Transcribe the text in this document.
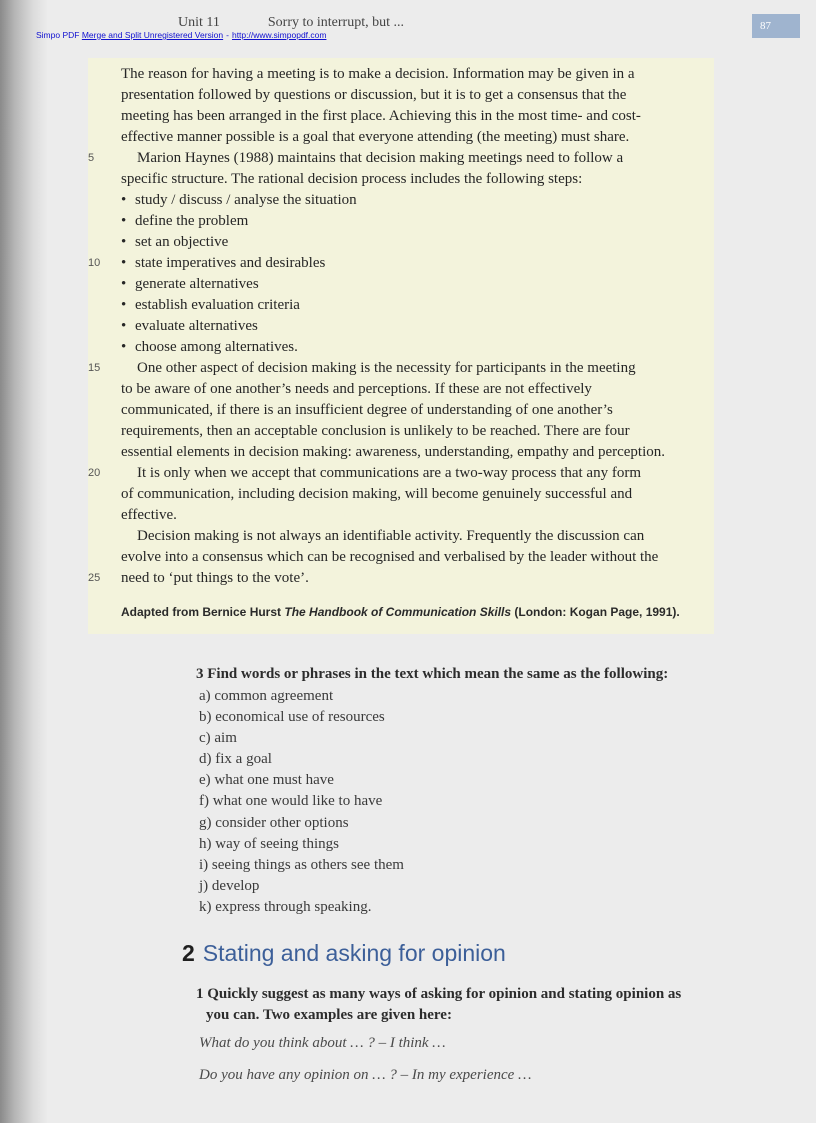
Unit 11	Sorry to interrupt, but ...	87
Simpo PDF Merge and Split Unregistered Version - http://www.simpopdf.com
The reason for having a meeting is to make a decision. Information may be given in a
presentation followed by questions or discussion, but it is to get a consensus that the
meeting has been arranged in the first place. Achieving this in the most time- and cost-
effective manner possible is a goal that everyone attending (the meeting) must share.
Marion Haynes (1988) maintains that decision making meetings need to follow a
specific structure. The rational decision process includes the following steps:
• study / discuss / analyse the situation
• define the problem
• set an objective
• state imperatives and desirables
• generate alternatives
• establish evaluation criteria
• evaluate alternatives
• choose among alternatives.
One other aspect of decision making is the necessity for participants in the meeting
to be aware of one another’s needs and perceptions. If these are not effectively
communicated, if there is an insufficient degree of understanding of one another’s
requirements, then an acceptable conclusion is unlikely to be reached. There are four
essential elements in decision making: awareness, understanding, empathy and perception.
It is only when we accept that communications are a two-way process that any form
of communication, including decision making, will become genuinely successful and
effective.
Decision making is not always an identifiable activity. Frequently the discussion can
evolve into a consensus which can be recognised and verbalised by the leader without the
need to ‘put things to the vote’.
5
10
15
20
25
Adapted from Bernice Hurst The Handbook of Communication Skills (London: Kogan Page, 1991).
3 Find words or phrases in the text which mean the same as the following:
a) common agreement
b) economical use of resources
c) aim
d) fix a goal
e) what one must have
f) what one would like to have
g) consider other options
h) way of seeing things
i) seeing things as others see them
j) develop
k) express through speaking.
2 Stating and asking for opinion
1 Quickly suggest as many ways of asking for opinion and stating opinion as
you can. Two examples are given here:
What do you think about … ? – I think …
Do you have any opinion on … ? – In my experience …
